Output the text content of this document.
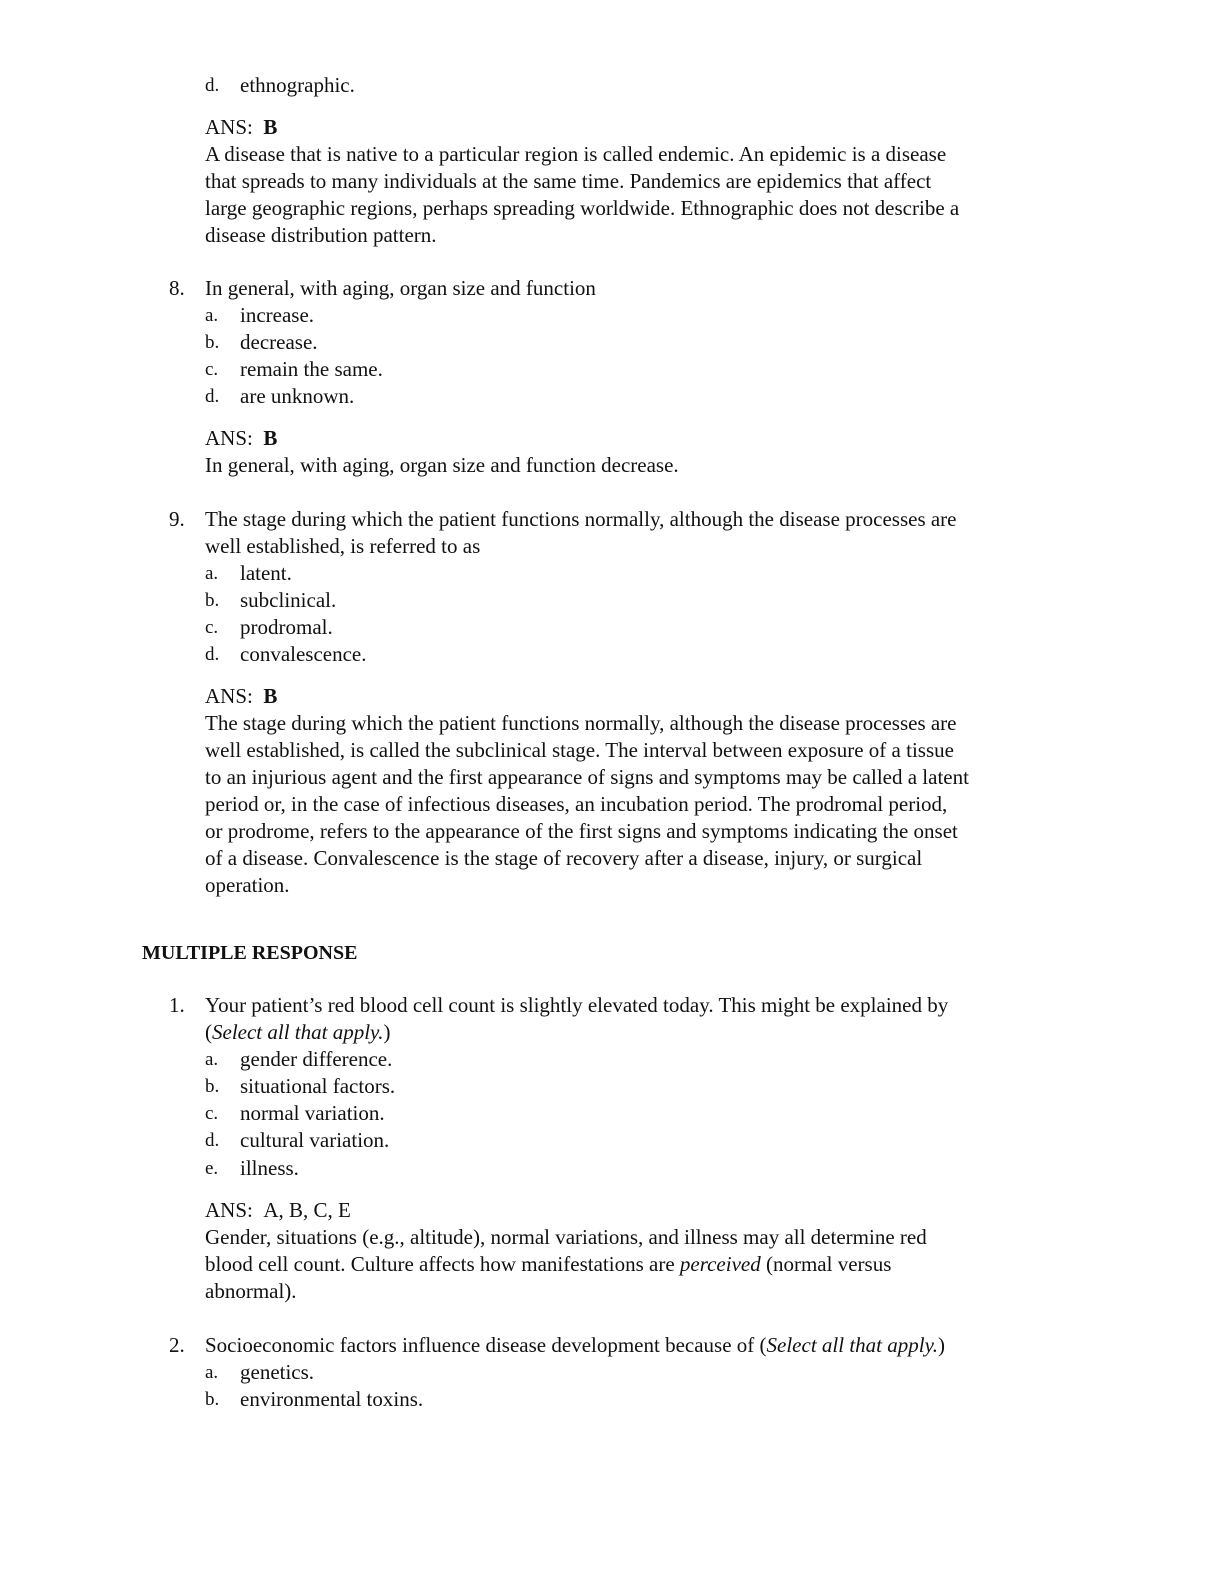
d. ethnographic.
ANS: B
A disease that is native to a particular region is called endemic. An epidemic is a disease
that spreads to many individuals at the same time. Pandemics are epidemics that affect
large geographic regions, perhaps spreading worldwide. Ethnographic does not describe a
disease distribution pattern.
8. In general, with aging, organ size and function
a. increase.
b. decrease.
c. remain the same.
d. are unknown.
ANS: B
In general, with aging, organ size and function decrease.
9. The stage during which the patient functions normally, although the disease processes are
well established, is referred to as
a. latent.
b. subclinical.
c. prodromal.
d. convalescence.
ANS: B
The stage during which the patient functions normally, although the disease processes are
well established, is called the subclinical stage. The interval between exposure of a tissue
to an injurious agent and the first appearance of signs and symptoms may be called a latent
period or, in the case of infectious diseases, an incubation period. The prodromal period,
or prodrome, refers to the appearance of the first signs and symptoms indicating the onset
of a disease. Convalescence is the stage of recovery after a disease, injury, or surgical
operation.
MULTIPLE RESPONSE
1. Your patient’s red blood cell count is slightly elevated today. This might be explained by
(Select all that apply.)
a. gender difference.
b. situational factors.
c. normal variation.
d. cultural variation.
e. illness.
ANS: A, B, C, E
Gender, situations (e.g., altitude), normal variations, and illness may all determine red
blood cell count. Culture affects how manifestations are perceived (normal versus
abnormal).
2. Socioeconomic factors influence disease development because of (Select all that apply.)
a. genetics.
b. environmental toxins.
